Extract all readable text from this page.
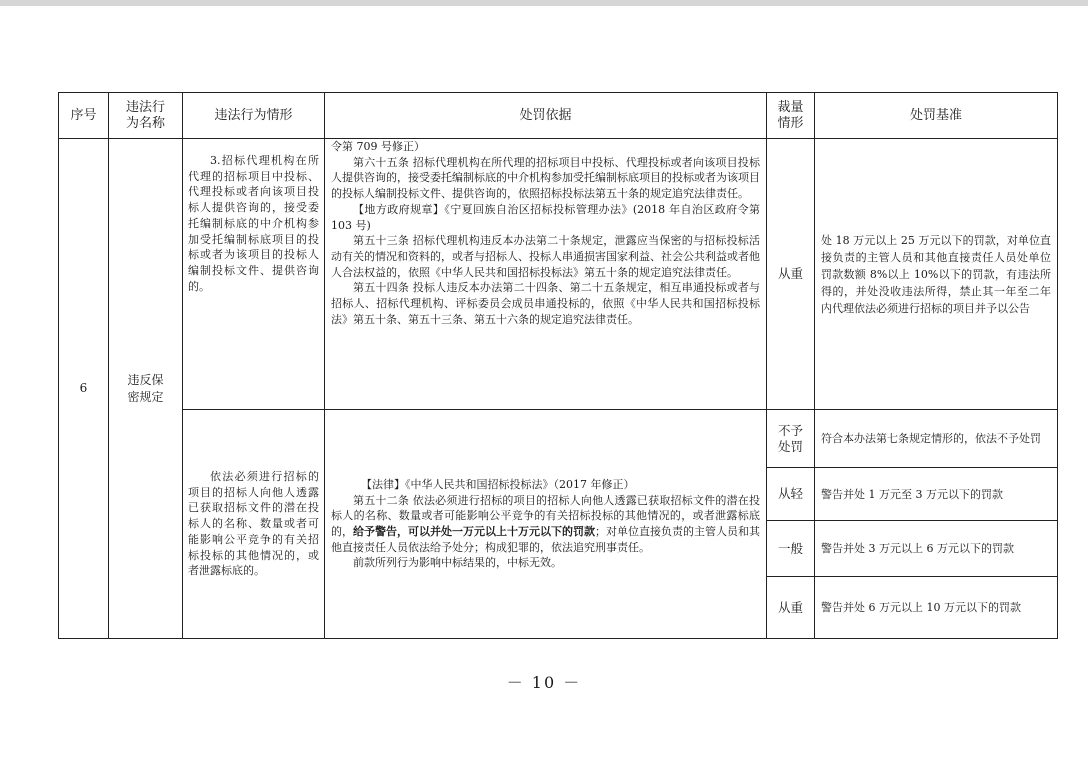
序号	违法行为名称	违法行为情形	处罚依据	裁量情形	处罚基准
6	违反保密规定	3.招标代理机构在所代理的招标项目中投标、代理投标或者向该项目投标人提供咨询的，接受委托编制标底的中介机构参加受托编制标底项目的投标或者为该项目的投标人编制投标文件、提供咨询的。	令第 709 号修正）

第六十五条 招标代理机构在所代理的招标项目中投标、代理投标或者向该项目投标人提供咨询的，接受委托编制标底的中介机构参加受托编制标底项目的投标或者为该项目的投标人编制投标文件、提供咨询的，依照招标投标法第五十条的规定追究法律责任。

【地方政府规章】《宁夏回族自治区招标投标管理办法》(2018 年自治区政府令第 103 号)

第五十三条 招标代理机构违反本办法第二十条规定，泄露应当保密的与招标投标活动有关的情况和资料的，或者与招标人、投标人串通损害国家利益、社会公共利益或者他人合法权益的，依照《中华人民共和国招标投标法》第五十条的规定追究法律责任。

第五十四条 投标人违反本办法第二十四条、第二十五条规定，相互串通投标或者与招标人、招标代理机构、评标委员会成员串通投标的，依照《中华人民共和国招标投标法》第五十条、第五十三条、第五十六条的规定追究法律责任。	从重	处 18 万元以上 25 万元以下的罚款，对单位直接负责的主管人员和其他直接责任人员处单位罚款数额 8%以上 10%以下的罚款，有违法所得的，并处没收违法所得，禁止其一年至二年内代理依法必须进行招标的项目并予以公告

		依法必须进行招标的项目的招标人向他人透露已获取招标文件的潜在投标人的名称、数量或者可能影响公平竞争的有关招标投标的其他情况的，或者泄露标底的。	【法律】《中华人民共和国招标投标法》（2017 年修正）

第五十二条 依法必须进行招标的项目的招标人向他人透露已获取招标文件的潜在投标人的名称、数量或者可能影响公平竞争的有关招标投标的其他情况的，或者泄露标底的，给予警告，可以并处一万元以上十万元以下的罚款；对单位直接负责的主管人员和其他直接责任人员依法给予处分；构成犯罪的，依法追究刑事责任。

前款所列行为影响中标结果的，中标无效。	不予处罚	符合本办法第七条规定情形的，依法不予处罚

				从轻	警告并处 1 万元至 3 万元以下的罚款

				一般	警告并处 3 万元以上 6 万元以下的罚款

				从重	警告并处 6 万元以上 10 万元以下的罚款
－ 10 －
